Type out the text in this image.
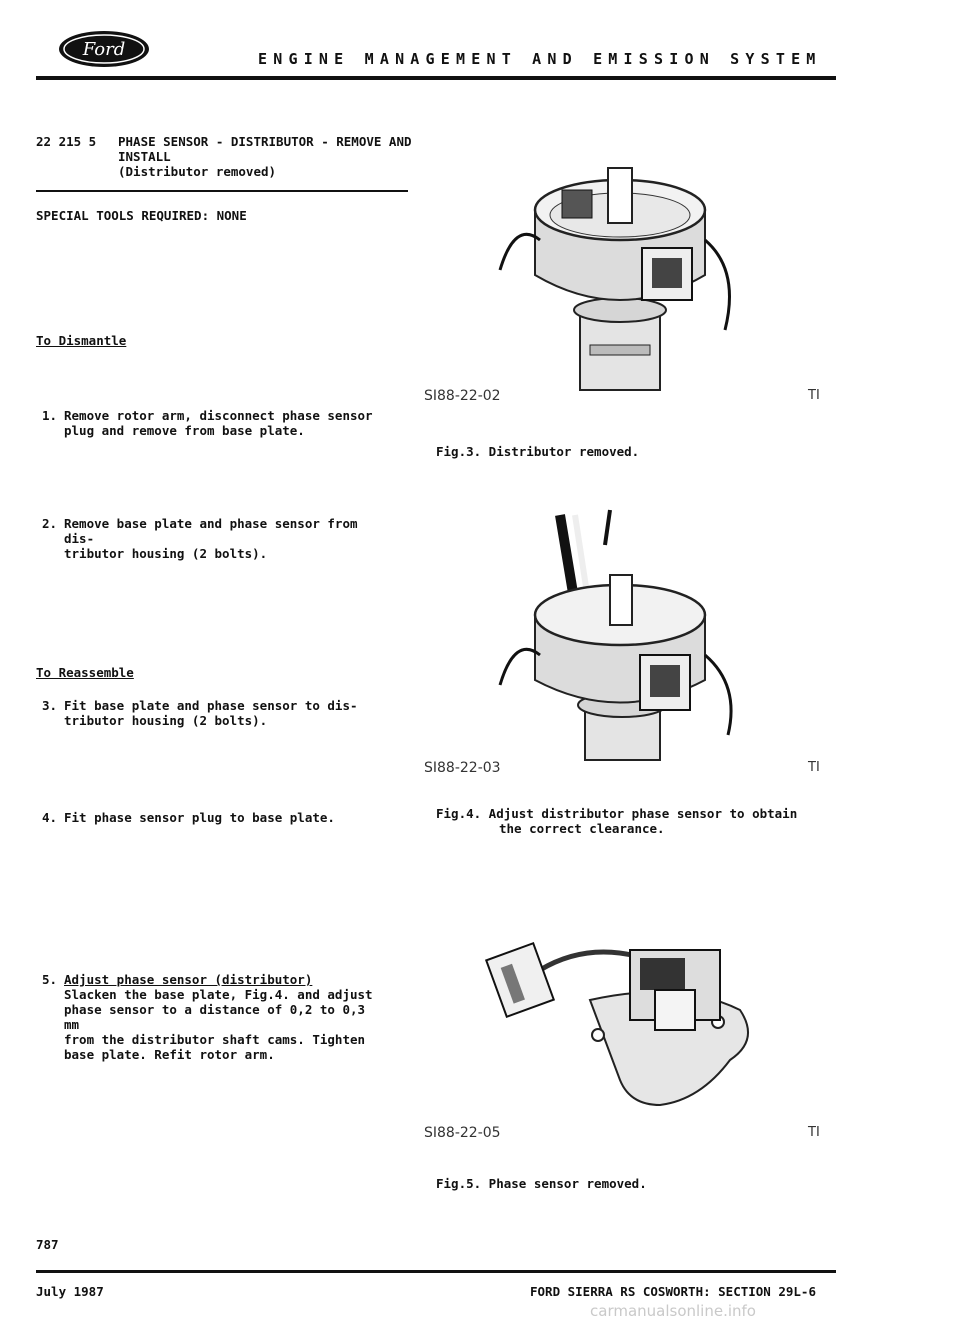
Ford	ENGINE MANAGEMENT AND EMISSION SYSTEM
22 215 5 PHASE SENSOR - DISTRIBUTOR - REMOVE AND
INSTALL
(Distributor removed)
SPECIAL TOOLS REQUIRED: NONE
To Dismantle
1. Remove rotor arm, disconnect phase sensor
plug and remove from base plate.
2. Remove base plate and phase sensor from dis-
tributor housing (2 bolts).
To Reassemble
3. Fit base plate and phase sensor to dis-
tributor housing (2 bolts).
4. Fit phase sensor plug to base plate.
5. Adjust phase sensor (distributor)
Slacken the base plate, Fig.4. and adjust
phase sensor to a distance of 0,2 to 0,3 mm
from the distributor shaft cams. Tighten
base plate. Refit rotor arm.
SI88-22-02	TI
Fig.3. Distributor removed.
SI88-22-03	TI
Fig.4. Adjust distributor phase sensor to obtain
the correct clearance.
SI88-22-05	TI
Fig.5. Phase sensor removed.
787
July 1987	FORD SIERRA RS COSWORTH: SECTION 29L-6
carmanualsonline.info
